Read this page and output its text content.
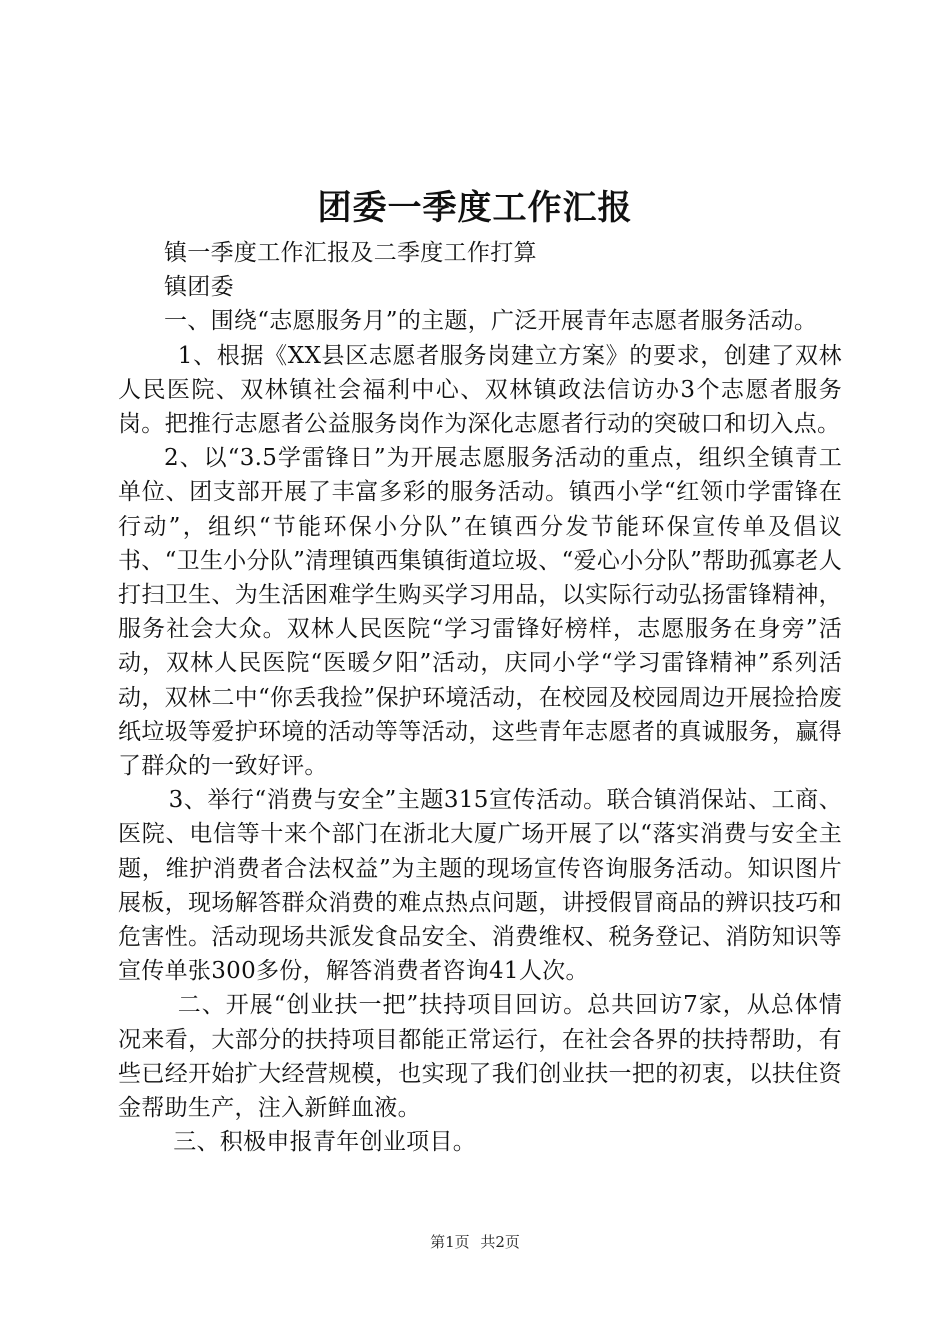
团委一季度工作汇报

镇一季度工作汇报及二季度工作打算

镇团委

一、围绕“志愿服务月”的主题，广泛开展青年志愿者服务活动。

1、根据《XX县区志愿者服务岗建立方案》的要求，创建了双林人民医院、双林镇社会福利中心、双林镇政法信访办3个志愿者服务岗。把推行志愿者公益服务岗作为深化志愿者行动的突破口和切入点。

2、以“3.5学雷锋日”为开展志愿服务活动的重点，组织全镇青工单位、团支部开展了丰富多彩的服务活动。镇西小学“红领巾学雷锋在行动”，组织“节能环保小分队”在镇西分发节能环保宣传单及倡议书、“卫生小分队”清理镇西集镇街道垃圾、“爱心小分队”帮助孤寡老人打扫卫生、为生活困难学生购买学习用品，以实际行动弘扬雷锋精神，服务社会大众。双林人民医院“学习雷锋好榜样，志愿服务在身旁”活动，双林人民医院“医暖夕阳”活动，庆同小学“学习雷锋精神”系列活动，双林二中“你丢我捡”保护环境活动，在校园及校园周边开展捡拾废纸垃圾等爱护环境的活动等等活动，这些青年志愿者的真诚服务，赢得了群众的一致好评。

3、举行“消费与安全”主题315宣传活动。联合镇消保站、工商、医院、电信等十来个部门在浙北大厦广场开展了以“落实消费与安全主题，维护消费者合法权益”为主题的现场宣传咨询服务活动。知识图片展板，现场解答群众消费的难点热点问题，讲授假冒商品的辨识技巧和危害性。活动现场共派发食品安全、消费维权、税务登记、消防知识等宣传单张300多份，解答消费者咨询41人次。

二、开展“创业扶一把”扶持项目回访。总共回访7家，从总体情况来看，大部分的扶持项目都能正常运行，在社会各界的扶持帮助，有些已经开始扩大经营规模，也实现了我们创业扶一把的初衷，以扶住资金帮助生产，注入新鲜血液。

三、积极申报青年创业项目。

第1页 共2页
